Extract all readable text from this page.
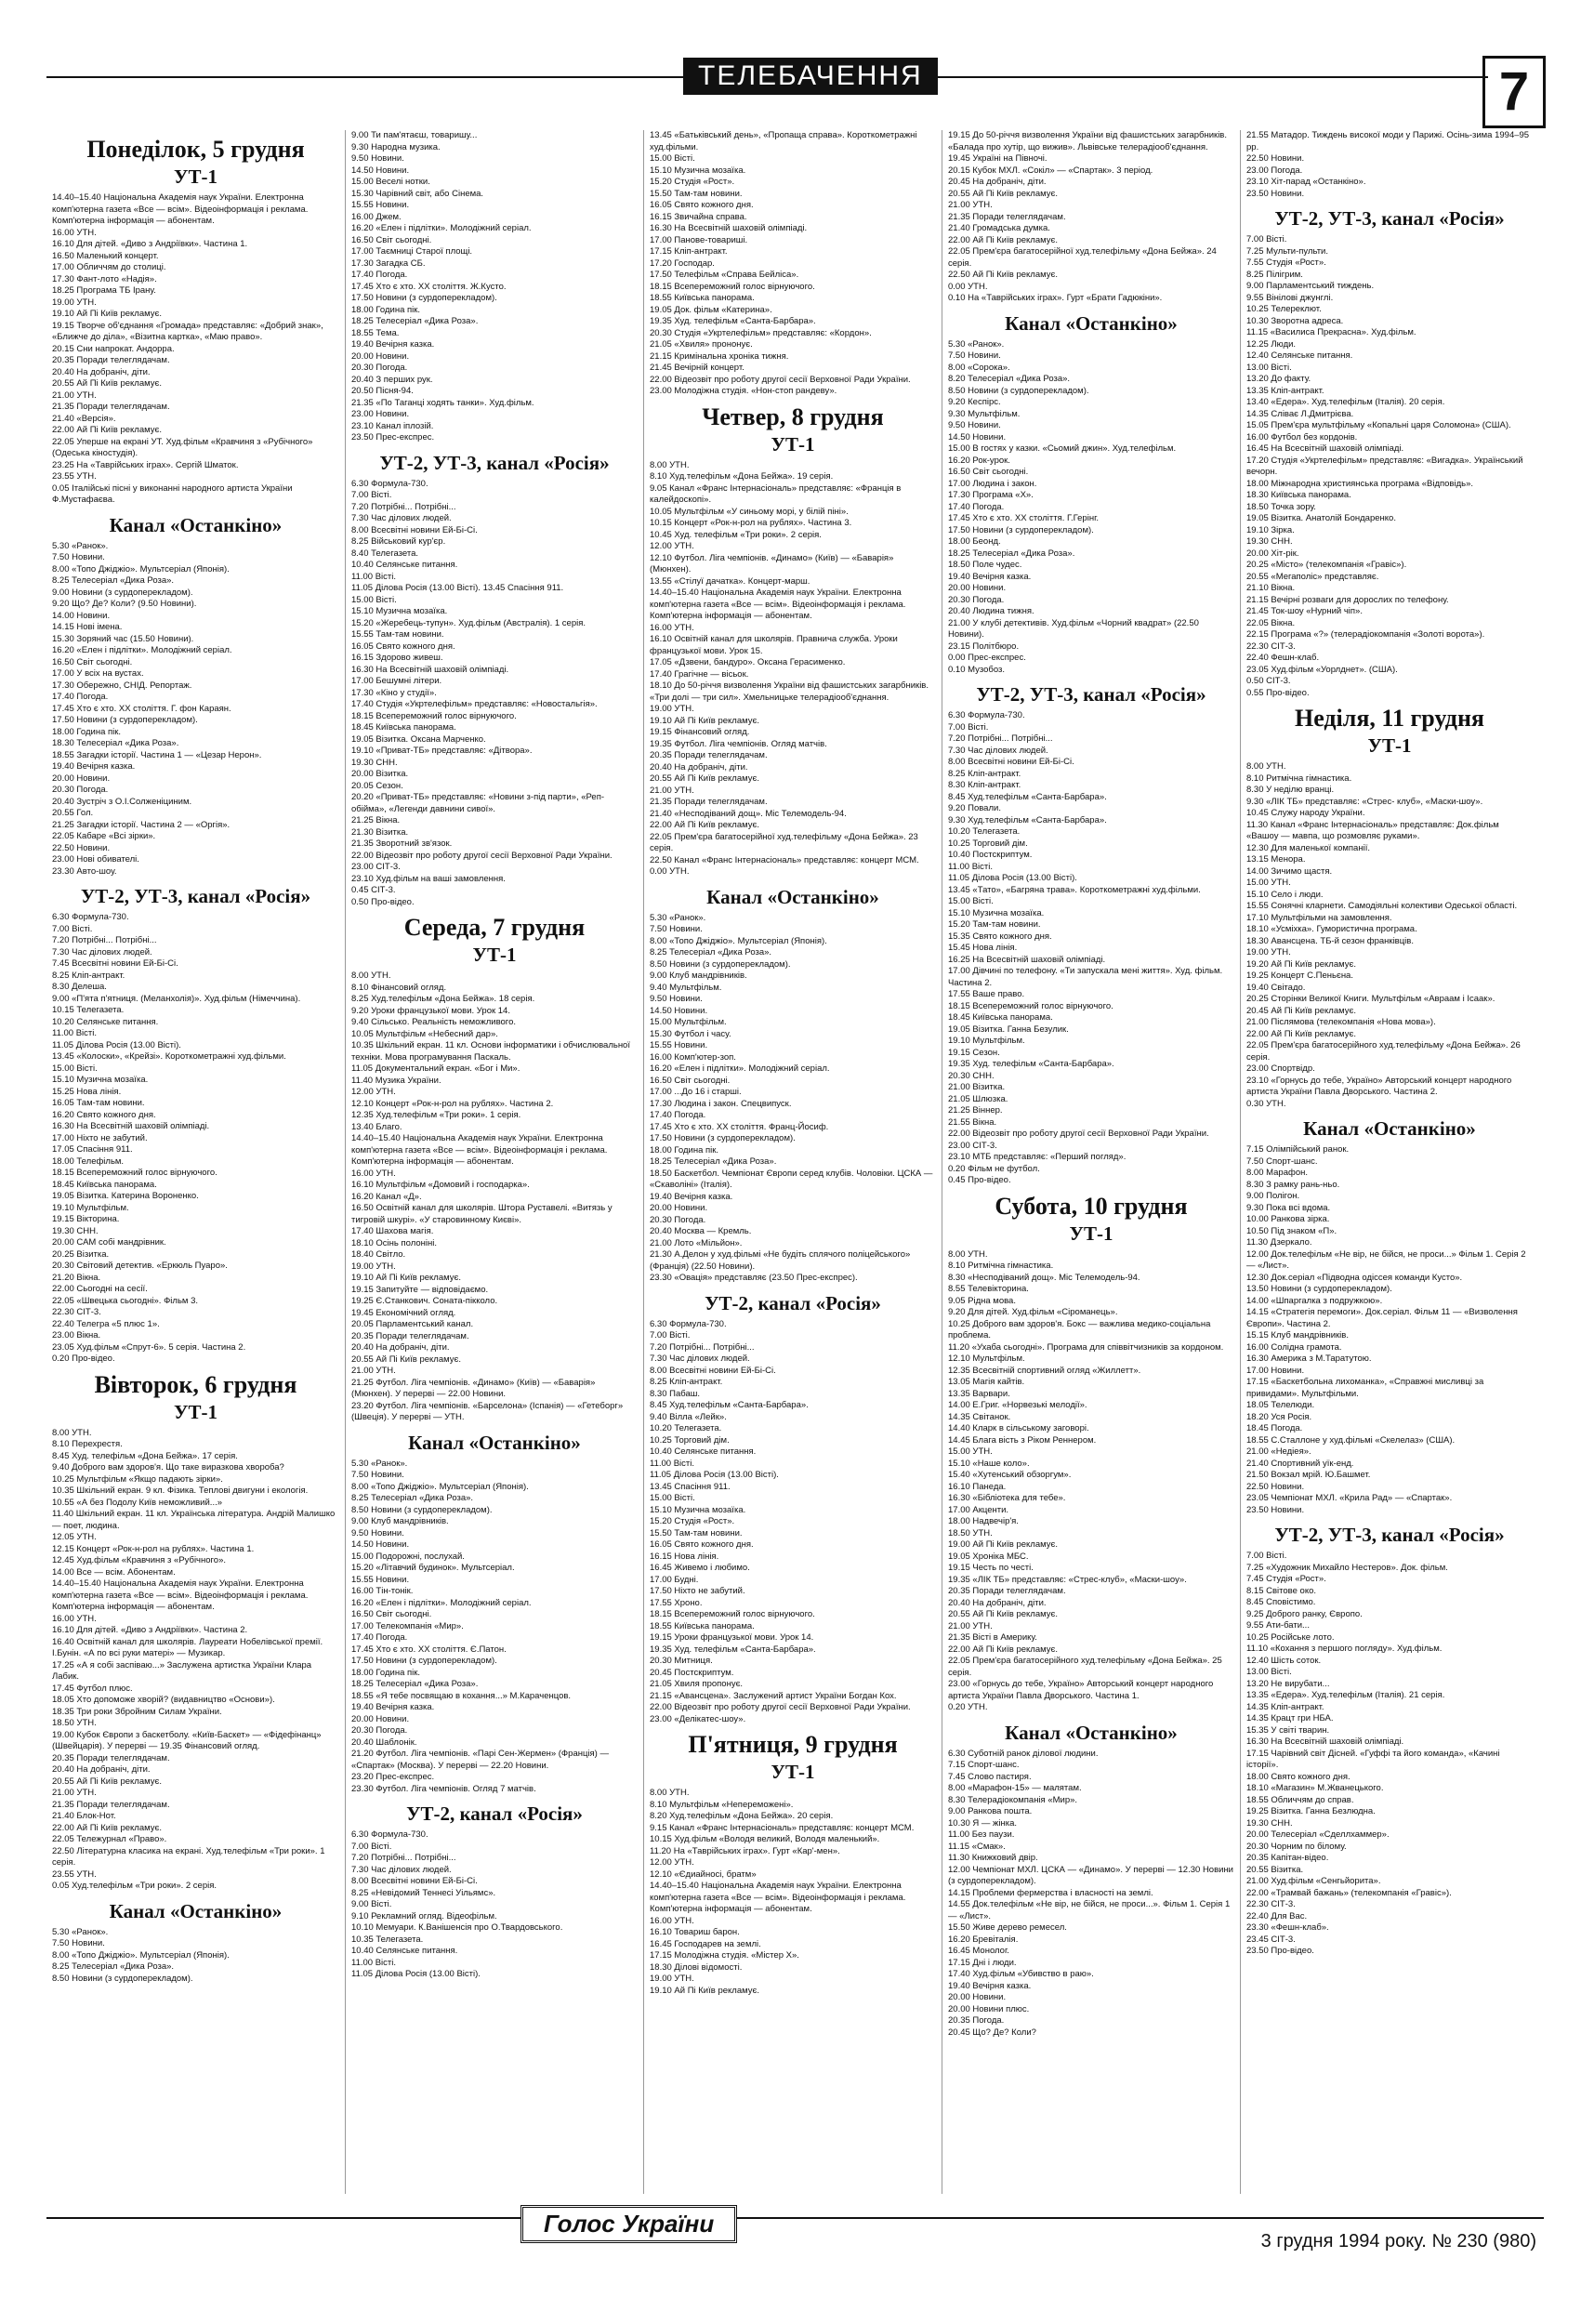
ТЕЛЕБАЧЕННЯ	7
Понеділок, 5 грудня
УТ-1
14.40–15.40 Національна Академія наук України. Електронна комп'ютерна газета «Все — всім». Відеоінформація і реклама. Комп'ютерна інформація — абонентам.
16.00 УТН.
16.10 Для дітей. «Диво з Андріївки». Частина 1.
16.50 Маленький концерт.
17.00 Обличчям до столиці.
17.30 Фант-лото «Надія».
18.25 Програма ТБ Ірану.
19.00 УТН.
19.10 Ай Пі Київ рекламує.
19.15 Творче об'єднання «Громада» представляє: «Добрий знак», «Ближче до діла», «Візитна картка», «Маю право».
20.15 Сни напрокат. Андорра.
20.35 Поради телеглядачам.
20.40 На добраніч, діти.
20.55 Ай Пі Київ рекламує.
21.00 УТН.
21.35 Поради телеглядачам.
21.40 «Версія».
22.00 Ай Пі Київ рекламує.
22.05 Уперше на екрані УТ. Худ.фільм «Кравчиня з «Рубічного» (Одеська кіностудія).
23.25 На «Таврійських іграх». Сергій Шматок.
23.55 УТН.
0.05 Італійські пісні у виконанні народного артиста України Ф.Мустафаєва.
Канал «Останкіно»
5.30 «Ранок».
7.50 Новини.
8.00 «Топо Джіджіо». Мультсеріал (Японія).
8.25 Телесеріал «Дика Роза».
9.00 Новини (з сурдоперекладом).
9.20 Що? Де? Коли? (9.50 Новини).
14.00 Новини.
14.15 Нові імена.
15.30 Зоряний час (15.50 Новини).
16.20 «Елен і підлітки». Молодіжний серіал.
16.50 Світ сьогодні.
17.00 У всіх на вустах.
17.30 Обережно, СНІД. Репортаж.
17.40 Погода.
17.45 Хто є хто. ХХ століття. Г. фон Караян.
17.50 Новини (з сурдоперекладом).
18.00 Година пік.
18.30 Телесеріал «Дика Роза».
18.55 Загадки історії. Частина 1 — «Цезар Нерон».
19.40 Вечірня казка.
20.00 Новини.
20.30 Погода.
20.40 Зустріч з О.І.Солженіциним.
20.55 Гол.
21.25 Загадки історії. Частина 2 — «Оргія».
22.05 Кабаре «Всі зірки».
22.50 Новини.
23.00 Нові обивателі.
23.30 Авто-шоу.
УТ-2, УТ-3, канал «Росія»
6.30 Формула-730.
7.00 Вісті.
7.20 Потрібні... Потрібні...
7.30 Час ділових людей.
7.45 Всесвітні новини Ей-Бі-Сі.
8.25 Кліп-антракт.
8.30 Делеша.
9.00 «П'ята п'ятниця. (Меланхолія)». Худ.фільм (Німеччина).
10.15 Телегазета.
10.20 Селянське питання.
11.00 Вісті.
11.05 Ділова Росія (13.00 Вісті).
13.45 «Колоски», «Крейзі». Короткометражні худ.фільми.
15.00 Вісті.
15.10 Музична мозаїка.
15.25 Нова лінія.
16.05 Там-там новини.
16.20 Свято кожного дня.
16.30 На Всесвітній шаховій олімпіаді.
17.00 Ніхто не забутий.
17.05 Спасіння 911.
18.00 Телефільм.
18.15 Всепереможний голос вірнуючого.
18.45 Київська панорама.
19.05 Візитка. Катерина Вороненко.
19.10 Мультфільм.
19.15 Вікторина.
19.30 СНН.
20.00 САМ собі мандрівник.
20.25 Візитка.
20.30 Світовий детектив. «Еркюль Пуаро».
21.20 Вікна.
22.00 Сьогодні на сесії.
22.05 «Швецька сьогодні». Фільм 3.
22.30 СІТ-3.
22.40 Телегра «5 плюс 1».
23.00 Вікна.
23.05 Худ.фільм «Спрут-6». 5 серія. Частина 2.
0.20 Про-відео.
Вівторок, 6 грудня
УТ-1
8.00 УТН.
8.10 Перехрестя.
8.45 Худ. телефільм «Дона Бейжа». 17 серія.
9.40 Доброго вам здоров'я. Що таке виразкова хвороба?
10.25 Мультфільм «Якщо падають зірки».
10.35 Шкільний екран. 9 кл. Фізика. Теплові двигуни і екологія.
10.55 «А без Подолу Київ неможливий...»
11.40 Шкільний екран. 11 кл. Українська література. Андрій Малишко — поет, людина.
12.05 УТН.
12.15 Концерт «Рок-н-рол на рублях». Частина 1.
12.45 Худ.фільм «Кравчиня з «Рубічного».
14.00 Все — всім. Абонентам.
14.40–15.40 Національна Академія наук України. Електронна комп'ютерна газета «Все — всім». Відеоінформація і реклама. Комп'ютерна інформація — абонентам.
16.00 УТН.
16.10 Для дітей. «Диво з Андріївки». Частина 2.
16.40 Освітній канал для школярів. Лауреати Нобелівської премії. І.Бунін. «А по всі руки матері» — Музикар.
17.25 «А я собі заспіваю...» Заслужена артистка України Клара Лабик.
17.45 Футбол плюс.
18.05 Хто допоможе хворій? (видавництво «Основи»).
18.35 Три роки Збройним Силам України.
18.50 УТН.
19.00 Кубок Європи з баскетболу. «Київ-Баскет» — «Фідефінанц» (Швейцарія). У перерві — 19.35 Фінансовий огляд.
20.35 Поради телеглядачам.
20.40 На добраніч, діти.
20.55 Ай Пі Київ рекламує.
21.00 УТН.
21.35 Поради телеглядачам.
21.40 Блок-Нот.
22.00 Ай Пі Київ рекламує.
22.05 Тележурнал «Право».
22.50 Літературна класика на екрані. Худ.телефільм «Три роки». 1 серія.
23.55 УТН.
0.05 Худ.телефільм «Три роки». 2 серія.
Канал «Останкіно»
5.30 «Ранок».
7.50 Новини.
8.00 «Топо Джіджіо». Мультсеріал (Японія).
8.25 Телесеріал «Дика Роза».
8.50 Новини (з сурдоперекладом).
9.00 Ти пам'ятаєш, товаришу...
9.30 Народна музика.
9.50 Новини.
14.50 Новини.
15.00 Веселі нотки.
15.30 Чарівний світ, або Сінема.
15.55 Новини.
16.00 Джем.
16.20 «Елен і підлітки». Молодіжний серіал.
16.50 Світ сьогодні.
17.00 Таємниці Старої площі.
17.30 Загадка СБ.
17.40 Погода.
17.45 Хто є хто. ХХ століття. Ж.Кусто.
17.50 Новини (з сурдоперекладом).
18.00 Година пік.
18.25 Телесеріал «Дика Роза».
18.55 Тема.
19.40 Вечірня казка.
20.00 Новини.
20.30 Погода.
20.40 З перших рук.
20.50 Пісня-94.
21.35 «По Таганці ходять танки». Худ.фільм.
23.00 Новини.
23.10 Канал іплозій.
23.50 Прес-експрес.
УТ-2, УТ-3, канал «Росія»
6.30 Формула-730.
7.00 Вісті.
7.20 Потрібні... Потрібні...
7.30 Час ділових людей.
8.00 Всесвітні новини Ей-Бі-Сі.
8.25 Військовий кур'єр.
8.40 Телегазета.
10.40 Селянське питання.
11.00 Вісті.
11.05 Ділова Росія (13.00 Вісті). 13.45 Спасіння 911.
15.00 Вісті.
15.10 Музична мозаїка.
15.20 «Жеребець-тупун». Худ.фільм (Австралія). 1 серія.
15.55 Там-там новини.
16.05 Свято кожного дня.
16.15 Здорово живеш.
16.30 На Всесвітній шаховій олімпіаді.
17.00 Бешумні літери.
17.30 «Кіно у студії».
17.40 Студія «Укртелефільм» представляє: «Новостальгія».
18.15 Всепереможний голос вірнуючого.
18.45 Київська панорама.
19.05 Візитка. Оксана Марченко.
19.10 «Приват-ТБ» представляє: «Дітвора».
19.30 СНН.
20.00 Візитка.
20.05 Сезон.
20.20 «Приват-ТБ» представляє: «Новини з-під парти», «Реп-обійма», «Легенди давнини сивої».
21.25 Вікна.
21.30 Візитка.
21.35 Зворотний зв'язок.
22.00 Відеозвіт про роботу другої сесії Верховної Ради України.
23.00 СІТ-3.
23.10 Худ.фільм на ваші замовлення.
0.45 СІТ-3.
0.50 Про-відео.
Середа, 7 грудня
УТ-1
8.00 УТН.
8.10 Фінансовий огляд.
8.25 Худ.телефільм «Дона Бейжа». 18 серія.
9.20 Уроки французької мови. Урок 14.
9.40 Сільсько. Реальність неможливого.
10.05 Мультфільм «Небесний дар».
10.35 Шкільний екран. 11 кл. Основи інформатики і обчислювальної техніки. Мова програмування Паскаль.
11.05 Документальний екран. «Бог і Ми».
11.40 Музика України.
12.00 УТН.
12.10 Концерт «Рок-н-рол на рублях». Частина 2.
12.35 Худ.телефільм «Три роки». 1 серія.
13.40 Благо.
14.40–15.40 Національна Академія наук України. Електронна комп'ютерна газета «Все — всім». Відеоінформація і реклама. Комп'ютерна інформація — абонентам.
16.00 УТН.
16.10 Мультфільм «Домовий і господарка».
16.20 Канал «Д».
16.50 Освітній канал для школярів. Штора Руставелі. «Витязь у тигровій шкурі». «У старовинному Києві».
17.40 Шахова магія.
18.10 Осінь полоніні.
18.40 Світло.
19.00 УТН.
19.10 Ай Пі Київ рекламує.
19.15 Запитуйте — відповідаємо.
19.25 Є.Станкович. Соната-пікколо.
19.45 Економічний огляд.
20.05 Парламентський канал.
20.35 Поради телеглядачам.
20.40 На добраніч, діти.
20.55 Ай Пі Київ рекламує.
21.00 УТН.
21.25 Футбол. Ліга чемпіонів. «Динамо» (Київ) — «Баварія» (Мюнхен). У перерві — 22.00 Новини.
23.20 Футбол. Ліга чемпіонів. «Барселона» (Іспанія) — «Гетеборг» (Швеція). У перерві — УТН.
Канал «Останкіно»
5.30 «Ранок».
7.50 Новини.
8.00 «Топо Джіджіо». Мультсеріал (Японія).
8.25 Телесеріал «Дика Роза».
8.50 Новини (з сурдоперекладом).
9.00 Клуб мандрівників.
9.50 Новини.
14.50 Новини.
15.00 Подорожні, послухай.
15.20 «Літавчий будинок». Мультсеріал.
15.55 Новини.
16.00 Тін-тонік.
16.20 «Елен і підлітки». Молодіжний серіал.
16.50 Світ сьогодні.
17.00 Телекомпанія «Мир».
17.40 Погода.
17.45 Хто є хто. ХХ століття. Є.Патон.
17.50 Новини (з сурдоперекладом).
18.00 Година пік.
18.25 Телесеріал «Дика Роза».
18.55 «Я тебе посвящаю в кохання...» М.Караченцов.
19.40 Вечірня казка.
20.00 Новини.
20.30 Погода.
20.40 Шаблонік.
21.20 Футбол. Ліга чемпіонів. «Парі Сен-Жермен» (Франція) — «Спартак» (Москва). У перерві — 22.20 Новини.
23.20 Прес-експрес.
23.30 Футбол. Ліга чемпіонів. Огляд 7 матчів.
УТ-2, канал «Росія»
6.30 Формула-730.
7.00 Вісті.
7.20 Потрібні... Потрібні...
7.30 Час ділових людей.
8.00 Всесвітні новини Ей-Бі-Сі.
8.25 «Невідомий Теннесі Уільямс».
9.00 Вісті.
9.10 Рекламний огляд. Відеофільм.
10.10 Мемуари. К.Ванішенсія про О.Твардовського.
10.35 Телегазета.
10.40 Селянське питання.
11.00 Вісті.
11.05 Ділова Росія (13.00 Вісті).
13.45 «Батьківський день», «Пропаща справа». Короткометражні худ.фільми.
15.00 Вісті.
15.10 Музична мозаїка.
15.20 Студія «Рост».
15.50 Там-там новини.
16.05 Свято кожного дня.
16.15 Звичайна справа.
16.30 На Всесвітній шаховій олімпіаді.
17.00 Панове-товариші.
17.15 Кліп-антракт.
17.20 Господар.
17.50 Телефільм «Справа Бейліса».
18.15 Всепереможний голос вірнуючого.
18.55 Київська панорама.
19.05 Док. фільм «Катерина».
19.35 Худ. телефільм «Санта-Барбара».
20.30 Студія «Укртелефільм» представляє: «Кордон».
21.05 «Хвиля» прононує.
21.15 Кримінальна хроніка тижня.
21.45 Вечірній концерт.
22.00 Відеозвіт про роботу другої сесії Верховної Ради України.
23.00 Молодіжна студія. «Нон-стоп рандеву».
Четвер, 8 грудня
УТ-1
8.00 УТН.
8.10 Худ.телефільм «Дона Бейжа». 19 серія.
9.05 Канал «Франс Інтернасіональ» представляє: «Франція в калейдоскопі».
10.05 Мультфільм «У синьому морі, у білій піні».
10.15 Концерт «Рок-н-рол на рублях». Частина 3.
10.45 Худ. телефільм «Три роки». 2 серія.
12.00 УТН.
12.10 Футбол. Ліга чемпіонів. «Динамо» (Київ) — «Баварія» (Мюнхен).
13.55 «Стілуї дачатка». Концерт-марш.
14.40–15.40 Національна Академія наук України. Електронна комп'ютерна газета «Все — всім». Відеоінформація і реклама. Комп'ютерна інформація — абонентам.
16.00 УТН.
16.10 Освітній канал для школярів. Правнича служба. Уроки французької мови. Урок 15.
17.05 «Дзвени, бандуро». Оксана Герасименко.
17.40 Грагічне — вісьок.
18.10 До 50-річчя визволення України від фашистських загарбників. «Три долі — три сил». Хмельницьке телерадіооб'єднання.
19.00 УТН.
19.10 Ай Пі Київ рекламує.
19.15 Фінансовий огляд.
19.35 Футбол. Ліга чемпіонів. Огляд матчів.
20.35 Поради телеглядачам.
20.40 На добраніч, діти.
20.55 Ай Пі Київ рекламує.
21.00 УТН.
21.35 Поради телеглядачам.
21.40 «Несподіваний дощ». Міс Телемодель-94.
22.00 Ай Пі Київ рекламує.
22.05 Прем'єра багатосерійної худ.телефільму «Дона Бейжа». 23 серія.
22.50 Канал «Франс Інтернасіональ» представляє: концерт МСМ.
0.00 УТН.
Канал «Останкіно»
5.30 «Ранок».
7.50 Новини.
8.00 «Топо Джіджіо». Мультсеріал (Японія).
8.25 Телесеріал «Дика Роза».
8.50 Новини (з сурдоперекладом).
9.00 Клуб мандрівників.
9.40 Мультфільм.
9.50 Новини.
14.50 Новини.
15.00 Мультфільм.
15.30 Футбол і часу.
15.55 Новини.
16.00 Комп'ютер-зоп.
16.20 «Елен і підлітки». Молодіжний серіал.
16.50 Світ сьогодні.
17.00 ...До 16 і старші.
17.30 Людина і закон. Спецвипуск.
17.40 Погода.
17.45 Хто є хто. ХХ століття. Франц-Йосиф.
17.50 Новини (з сурдоперекладом).
18.00 Година пік.
18.25 Телесеріал «Дика Роза».
18.50 Баскетбол. Чемпіонат Європи серед клубів. Чоловіки. ЦСКА — «Скаволіні» (Італія).
19.40 Вечірня казка.
20.00 Новини.
20.30 Погода.
20.40 Москва — Кремль.
21.00 Лото «Мільйон».
21.30 А.Делон у худ.фільмі «Не будіть сплячого поліцейського» (Франція) (22.50 Новини).
23.30 «Овація» представляє (23.50 Прес-експрес).
УТ-2, канал «Росія»
6.30 Формула-730.
7.00 Вісті.
7.20 Потрібні... Потрібні...
7.30 Час ділових людей.
8.00 Всесвітні новини Ей-Бі-Сі.
8.25 Кліп-антракт.
8.30 Пабаш.
8.45 Худ.телефільм «Санта-Барбара».
9.40 Вілла «Лейк».
10.20 Телегазета.
10.25 Торговий дім.
10.40 Селянське питання.
11.00 Вісті.
11.05 Ділова Росія (13.00 Вісті).
13.45 Спасіння 911.
15.00 Вісті.
15.10 Музична мозаїка.
15.20 Студія «Рост».
15.50 Там-там новини.
16.05 Свято кожного дня.
16.15 Нова лінія.
16.45 Живемо і любимо.
17.00 Будні.
17.50 Ніхто не забутий.
17.55 Хроно.
18.15 Всепереможний голос вірнуючого.
18.55 Київська панорама.
19.15 Уроки французької мови. Урок 14.
19.35 Худ. телефільм «Санта-Барбара».
20.30 Митниця.
20.45 Постскриптум.
21.05 Хвиля пропонує.
21.15 «Авансцена». Заслужений артист України Богдан Кох.
22.00 Відеозвіт про роботу другої сесії Верховної Ради України.
23.00 «Делікатес-шоу».
П'ятниця, 9 грудня
УТ-1
8.00 УТН.
8.10 Мультфільм «Непереможені».
8.20 Худ.телефільм «Дона Бейжа». 20 серія.
9.15 Канал «Франс Інтернасіональ» представляє: концерт МСМ.
10.15 Худ.фільм «Володя великий, Володя маленький».
11.20 На «Таврійських іграх». Гурт «Кар'-мен».
12.00 УТН.
12.10 «Єдиайносі, братм»
14.40–15.40 Національна Академія наук України. Електронна комп'ютерна газета «Все — всім». Відеоінформація і реклама. Комп'ютерна інформація — абонентам.
16.00 УТН.
16.10 Товариш барон.
16.45 Господарев на землі.
17.15 Молодіжна студія. «Містер Х».
18.30 Ділові відомості.
19.00 УТН.
19.10 Ай Пі Київ рекламує.
19.15 До 50-річчя визволення України від фашистських загарбників. «Балада про хутір, що вижив». Львівське телерадіооб'єднання.
19.45 Україні на Півночі.
20.15 Кубок МХЛ. «Сокіл» — «Спартак». 3 період.
20.45 На добраніч, діти.
20.55 Ай Пі Київ рекламує.
21.00 УТН.
21.35 Поради телеглядачам.
21.40 Громадська думка.
22.00 Ай Пі Київ рекламує.
22.05 Прем'єра багатосерійної худ.телефільму «Дона Бейжа». 24 серія.
22.50 Ай Пі Київ рекламує.
0.00 УТН.
0.10 На «Таврійських іграх». Гурт «Брати Гадюкіни».
Канал «Останкіно»
5.30 «Ранок».
7.50 Новини.
8.00 «Сорока».
8.20 Телесеріал «Дика Роза».
8.50 Новини (з сурдоперекладом).
9.20 Кеспірс.
9.30 Мультфільм.
9.50 Новини.
14.50 Новини.
15.00 В гостях у казки. «Сьомий джин». Худ.телефільм.
16.20 Рок-урок.
16.50 Світ сьогодні.
17.00 Людина і закон.
17.30 Програма «Х».
17.40 Погода.
17.45 Хто є хто. ХХ століття. Г.Герінг.
17.50 Новини (з сурдоперекладом).
18.00 Беонд.
18.25 Телесеріал «Дика Роза».
18.50 Поле чудес.
19.40 Вечірня казка.
20.00 Новини.
20.30 Погода.
20.40 Людина тижня.
21.00 У клубі детективів. Худ.фільм «Чорний квадрат» (22.50 Новини).
23.15 Політбюро.
0.00 Прес-експрес.
0.10 Музобоз.
УТ-2, УТ-3, канал «Росія»
6.30 Формула-730.
7.00 Вісті.
7.20 Потрібні... Потрібні...
7.30 Час ділових людей.
8.00 Всесвітні новини Ей-Бі-Сі.
8.25 Кліп-антракт.
8.30 Кліп-антракт.
8.45 Худ.телефільм «Санта-Барбара».
9.20 Повали.
9.30 Худ.телефільм «Санта-Барбара».
10.20 Телегазета.
10.25 Торговий дім.
10.40 Постскриптум.
11.00 Вісті.
11.05 Ділова Росія (13.00 Вісті).
13.45 «Тато», «Багряна трава». Короткометражні худ.фільми.
15.00 Вісті.
15.10 Музична мозаїка.
15.20 Там-там новини.
15.35 Свято кожного дня.
15.45 Нова лінія.
16.25 На Всесвітній шаховій олімпіаді.
17.00 Дівчині по телефону. «Ти запускала мені життя». Худ. фільм. Частина 2.
17.55 Ваше право.
18.15 Всепереможний голос вірнуючого.
18.45 Київська панорама.
19.05 Візитка. Ганна Безулик.
19.10 Мультфільм.
19.15 Сезон.
19.35 Худ. телефільм «Санта-Барбара».
20.30 СНН.
21.00 Візитка.
21.05 Шлюзка.
21.25 Віннер.
21.55 Вікна.
22.00 Відеозвіт про роботу другої сесії Верховної Ради України.
23.00 СІТ-3.
23.10 МТБ представляє: «Перший погляд».
0.20 Фільм не футбол.
0.45 Про-відео.
Субота, 10 грудня
УТ-1
8.00 УТН.
8.10 Ритмічна гімнастика.
8.30 «Несподіваний дощ». Міс Телемодель-94.
8.55 Телевікторина.
9.05 Рідна мова.
9.20 Для дітей. Худ.фільм «Сіроманець».
10.25 Доброго вам здоров'я. Бокс — важлива медико-соціальна проблема.
11.20 «Ухаба сьогодні». Програма для співвітчизників за кордоном.
12.10 Мультфільм.
12.35 Всесвітній спортивний огляд «Жиллетт».
13.05 Магія кайтів.
13.35 Варвари.
14.00 Е.Григ. «Норвезькі мелодії».
14.35 Світанок.
14.40 Кларк в сільському заговорі.
14.45 Блага вість з Ріком Реннером.
15.00 УТН.
15.10 «Наше коло».
15.40 «Хутенський обзоргум».
16.10 Панеда.
16.30 «Бібліотека для тебе».
17.00 Акценти.
18.00 Надвечір'я.
18.50 УТН.
19.00 Ай Пі Київ рекламує.
19.05 Хроніка МБС.
19.15 Честь по честі.
19.35 «ЛІК ТБ» представляє: «Стрес-клуб», «Маски-шоу».
20.35 Поради телеглядачам.
20.40 На добраніч, діти.
20.55 Ай Пі Київ рекламує.
21.00 УТН.
21.35 Вісті в Америку.
22.00 Ай Пі Київ рекламує.
22.05 Прем'єра багатосерійного худ.телефільму «Дона Бейжа». 25 серія.
23.00 «Горнусь до тебе, Україно» Авторський концерт народного артиста України Павла Дворського. Частина 1.
0.20 УТН.
Канал «Останкіно»
6.30 Суботній ранок ділової людини.
7.15 Спорт-шанс.
7.45 Слово пастиря.
8.00 «Марафон-15» — малятам.
8.30 Телерадіокомпанія «Мир».
9.00 Ранкова пошта.
10.30 Я — жінка.
11.00 Без паузи.
11.15 «Смак».
11.30 Книжковий двір.
12.00 Чемпіонат МХЛ. ЦСКА — «Динамо». У перерві — 12.30 Новини (з сурдоперекладом).
14.15 Проблеми фермерства і власності на землі.
14.55 Док.телефільм «Не вір, не бійся, не проси...». Фільм 1. Серія 1 — «Лист».
15.50 Живе дерево ремесел.
16.20 Бревіталія.
16.45 Монолог.
17.15 Дні і люди.
17.40 Худ.фільм «Убивство в раю».
19.40 Вечірня казка.
20.00 Новини.
20.00 Новини плюс.
20.35 Погода.
20.45 Що? Де? Коли?
21.55 Матадор. Тиждень високої моди у Парижі. Осінь-зима 1994–95 рр.
22.50 Новини.
23.00 Погода.
23.10 Хіт-парад «Останкіно».
23.50 Новини.
УТ-2, УТ-3, канал «Росія»
7.00 Вісті.
7.25 Мульти-пульти.
7.55 Студія «Рост».
8.25 Пілігрим.
9.00 Парламентський тиждень.
9.55 Вінілові джунглі.
10.25 Телереклют.
10.30 Зворотна адреса.
11.15 «Василиса Прекрасна». Худ.фільм.
12.25 Люди.
12.40 Селянське питання.
13.00 Вісті.
13.20 До факту.
13.35 Кліп-антракт.
13.40 «Едера». Худ.телефільм (Італія). 20 серія.
14.35 Сліває Л.Дмитрієва.
15.05 Прем'єра мультфільму «Копальні царя Соломона» (США).
16.00 Футбол без кордонів.
16.45 На Всесвітній шаховій олімпіаді.
17.20 Студія «Укртелефільм» представляє: «Вигадка». Український вечорн.
18.00 Міжнародна християнська програма «Відповідь».
18.30 Київська панорама.
18.50 Точка зору.
19.05 Візитка. Анатолій Бондаренко.
19.10 Зірка.
19.30 СНН.
20.00 Хіт-рік.
20.25 «Місто» (телекомпанія «Гравіс»).
20.55 «Мегаполіс» представляє.
21.10 Вікна.
21.15 Вечірні розваги для дорослих по телефону.
21.45 Ток-шоу «Нурний чіп».
22.05 Вікна.
22.15 Програма «?» (телерадіокомпанія «Золоті ворота»).
22.30 СІТ-3.
22.40 Фешн-клаб.
23.05 Худ.фільм «Уорлднет». (США).
0.50 СІТ-3.
0.55 Про-відео.
Неділя, 11 грудня
УТ-1
8.00 УТН.
8.10 Ритмічна гімнастика.
8.30 У неділю вранці.
9.30 «ЛІК ТБ» представляє: «Стрес- клуб», «Маски-шоу».
10.45 Служу народу України.
11.30 Канал «Франс Інтернасіональ» представляє: Док.фільм «Вашоу — мавпа, що розмовляє руками».
12.30 Для маленької компанії.
13.15 Менора.
14.00 Зичимо щастя.
15.00 УТН.
15.10 Село і люди.
15.55 Сонячні кларнети. Самодіяльні колективи Одеської області.
17.10 Мультфільми на замовлення.
18.10 «Усміхка». Гумористична програма.
18.30 Авансцена. ТБ-й сезон франківців.
19.00 УТН.
19.20 Ай Пі Київ рекламує.
19.25 Концерт С.Пеньєна.
19.40 Світадо.
20.25 Сторінки Великої Книги. Мультфільм «Авраам і Ісаак».
20.45 Ай Пі Київ рекламує.
21.00 Післямова (телекомпанія «Нова мова»).
22.00 Ай Пі Київ рекламує.
22.05 Прем'єра багатосерійного худ.телефільму «Дона Бейжа». 26 серія.
23.00 Спортвідр.
23.10 «Горнусь до тебе, Україно» Авторський концерт народного артиста України Павла Дворського. Частина 2.
0.30 УТН.
Канал «Останкіно»
7.15 Олімпійський ранок.
7.50 Спорт-шанс.
8.00 Марафон.
8.30 З рамку рань-ньо.
9.00 Полігон.
9.30 Пока всі вдома.
10.00 Ранкова зірка.
10.50 Під знаком «П».
11.30 Дзеркало.
12.00 Док.телефільм «Не вір, не бійся, не проси...» Фільм 1. Серія 2 — «Лист».
12.30 Док.серіал «Підводна одіссея команди Кусто».
13.50 Новини (з сурдоперекладом).
14.00 «Шпаргалка з подружкою».
14.15 «Стратегія перемоги». Док.серіал. Фільм 11 — «Визволення Європи». Частина 2.
15.15 Клуб мандрівників.
16.00 Солідна грамота.
16.30 Америка з М.Таратутою.
17.00 Новини.
17.15 «Баскетбольна лихоманка», «Справжні мисливці за привидами». Мультфільми.
18.05 Телелюди.
18.20 Уся Росія.
18.45 Погода.
18.55 С.Сталлоне у худ.фільмі «Скелелаз» (США).
21.00 «Недіея».
21.40 Спортивний уїк-енд.
21.50 Вокзал мрій. Ю.Башмет.
22.50 Новини.
23.05 Чемпіонат МХЛ. «Крила Рад» — «Спартак».
23.50 Новини.
УТ-2, УТ-3, канал «Росія»
7.00 Вісті.
7.25 «Художник Михайло Нестеров». Док. фільм.
7.45 Студія «Рост».
8.15 Світове око.
8.45 Сповістимо.
9.25 Доброго ранку, Європо.
9.55 Ати-бати...
10.25 Російське лото.
11.10 «Кохання з першого погляду». Худ.фільм.
12.40 Шість соток.
13.00 Вісті.
13.20 Не вирубати...
13.35 «Едера». Худ.телефільм (Італія). 21 серія.
14.35 Кліп-антракт.
14.35 Крацт гри НБА.
15.35 У світі тварин.
16.30 На Всесвітній шаховій олімпіаді.
17.15 Чарівний світ Дісней. «Гуффі та його команда», «Качині історії».
18.00 Свято кожного дня.
18.10 «Магазин» М.Жванецького.
18.55 Обличчям до справ.
19.25 Візитка. Ганна Безлюдна.
19.30 СНН.
20.00 Телесеріал «Сделлхаммер».
20.30 Чорним по білому.
20.35 Капітан-відео.
20.55 Візитка.
21.00 Худ.фільм «Сенгьйорита».
22.00 «Трамвай бажань» (телекомпанія «Гравіс»).
22.30 СІТ-3.
22.40 Для Вас.
23.30 «Фешн-клаб».
23.45 СІТ-3.
23.50 Про-відео.
Голос України
3 грудня 1994 року. № 230 (980)
